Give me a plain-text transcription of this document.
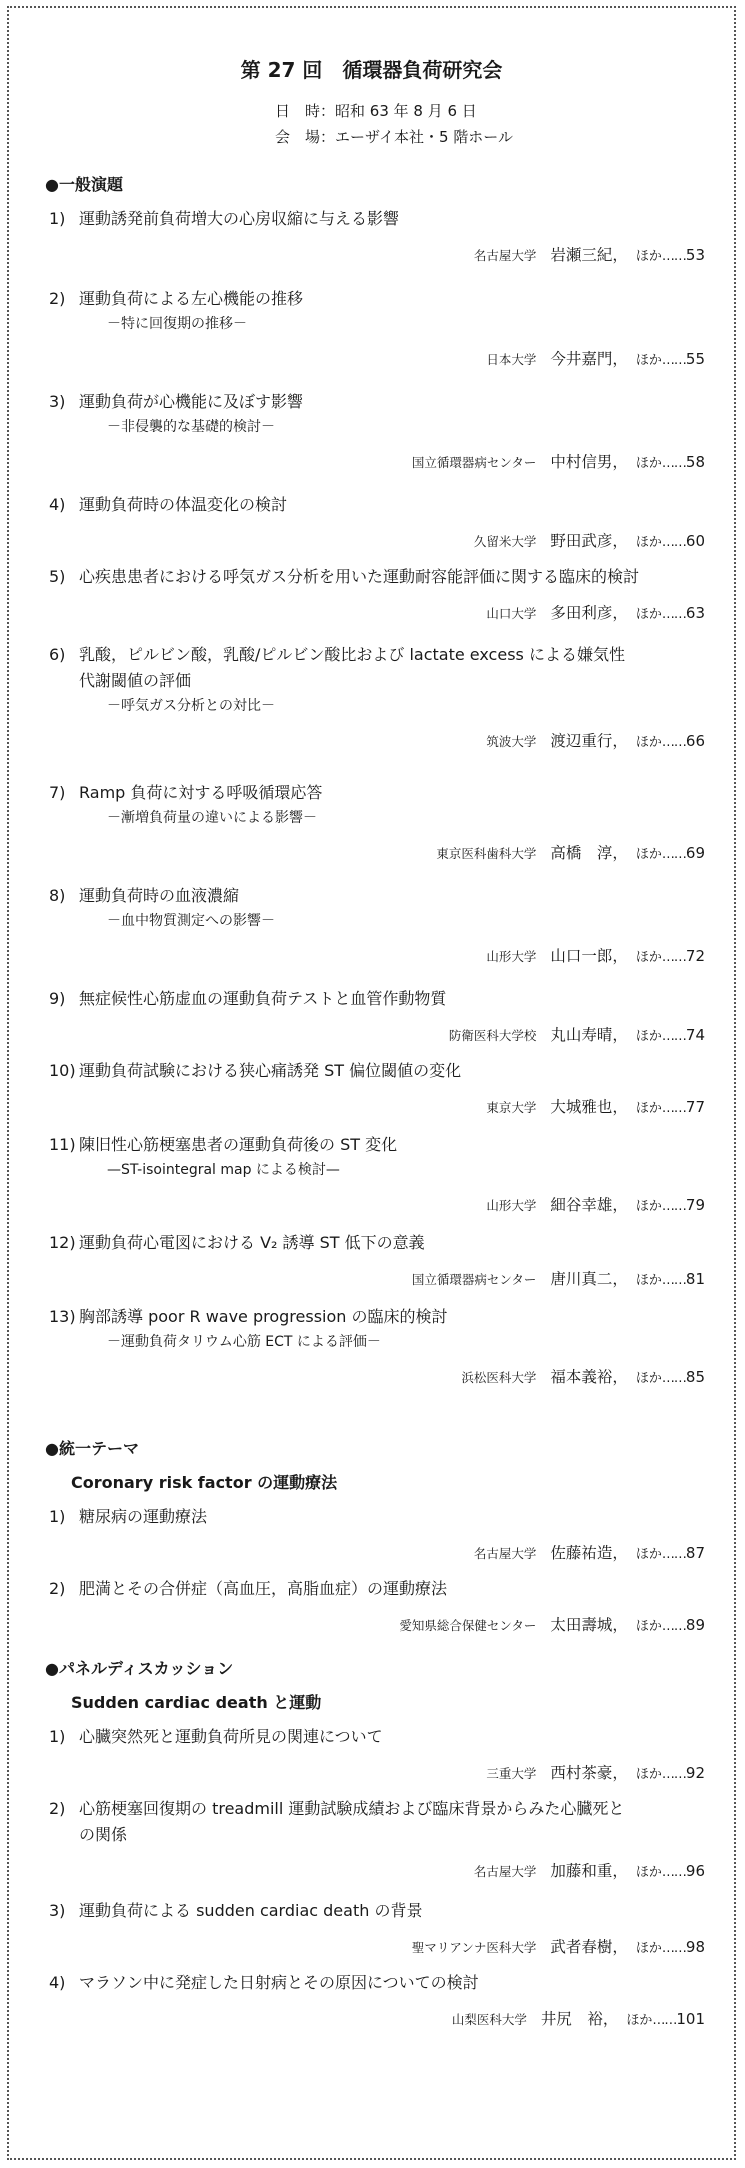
第 27 回　循環器負荷研究会
日　時：昭和 63 年 8 月 6 日
会　場：エーザイ本社・5 階ホール
●一般演題
1) 運動誘発前負荷増大の心房収縮に与える影響
名古屋大学 岩瀬三紀， ほか……53
2) 運動負荷による左心機能の推移
－特に回復期の推移－
日本大学 今井嘉門， ほか……55
3) 運動負荷が心機能に及ぼす影響
－非侵襲的な基礎的検討－
国立循環器病センター 中村信男， ほか……58
4) 運動負荷時の体温変化の検討
久留米大学 野田武彦， ほか……60
5) 心疾患患者における呼気ガス分析を用いた運動耐容能評価に関する臨床的検討
山口大学 多田利彦， ほか……63
6) 乳酸，ピルビン酸，乳酸/ピルビン酸比および lactate excess による嫌気性
代謝閾値の評価
－呼気ガス分析との対比－
筑波大学 渡辺重行， ほか……66
7) Ramp 負荷に対する呼吸循環応答
－漸増負荷量の違いによる影響－
東京医科歯科大学 高橋　淳， ほか……69
8) 運動負荷時の血液濃縮
－血中物質測定への影響－
山形大学 山口一郎， ほか……72
9) 無症候性心筋虚血の運動負荷テストと血管作動物質
防衛医科大学校 丸山寿晴， ほか……74
10) 運動負荷試験における狭心痛誘発 ST 偏位閾値の変化
東京大学 大城雅也， ほか……77
11) 陳旧性心筋梗塞患者の運動負荷後の ST 変化
—ST-isointegral map による検討—
山形大学 細谷幸雄， ほか……79
12) 運動負荷心電図における V₂ 誘導 ST 低下の意義
国立循環器病センター 唐川真二， ほか……81
13) 胸部誘導 poor R wave progression の臨床的検討
－運動負荷タリウム心筋 ECT による評価－
浜松医科大学 福本義裕， ほか……85
●統一テーマ
Coronary risk factor の運動療法
1) 糖尿病の運動療法
名古屋大学 佐藤祐造， ほか……87
2) 肥満とその合併症（高血圧，高脂血症）の運動療法
愛知県総合保健センター 太田壽城， ほか……89
●パネルディスカッション
Sudden cardiac death と運動
1) 心臓突然死と運動負荷所見の関連について
三重大学 西村茶豪， ほか……92
2) 心筋梗塞回復期の treadmill 運動試験成績および臨床背景からみた心臓死と
の関係
名古屋大学 加藤和重， ほか……96
3) 運動負荷による sudden cardiac death の背景
聖マリアンナ医科大学 武者春樹， ほか……98
4) マラソン中に発症した日射病とその原因についての検討
山梨医科大学 井尻　裕， ほか……101
